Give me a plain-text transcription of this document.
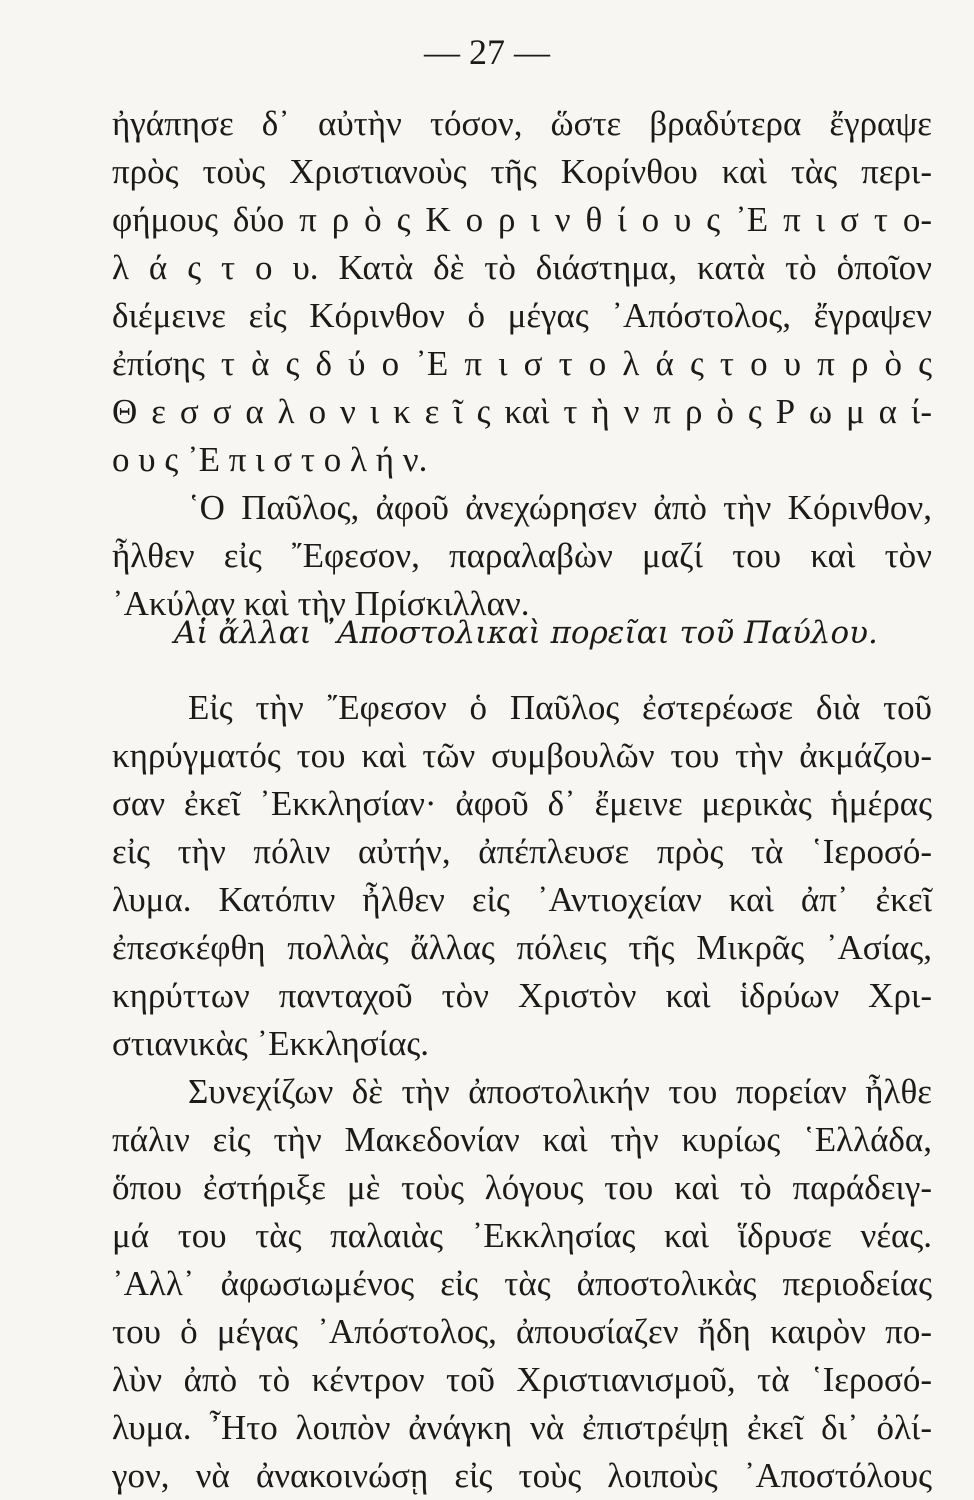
— 27 —
ἠγάπησε δ᾽ αὐτὴν τόσον, ὥστε βραδύτερα ἔγραψε
πρὸς τοὺς Χριστιανοὺς τῆς Κορίνθου καὶ τὰς περι-
φήμους δύο π ρ ὸ ς Κ ο ρ ι ν θ ί ο υ ς ᾽Ε π ι σ τ ο-
λ ά ς τ ο υ. Κατὰ δὲ τὸ διάστημα, κατὰ τὸ ὁποῖον
διέμεινε εἰς Κόρινθον ὁ μέγας ᾽Απόστολος, ἔγραψεν
ἐπίσης τ ὰ ς δ ύ ο ᾽Ε π ι σ τ ο λ ά ς τ ο υ π ρ ὸ ς
Θ ε σ σ α λ ο ν ι κ ε ῖ ς καὶ τ ὴ ν π ρ ὸ ς Ρ ω μ α ί-
ο υ ς ᾽Ε π ι σ τ ο λ ή ν.
῾Ο Παῦλος, ἀφοῦ ἀνεχώρησεν ἀπὸ τὴν Κόρινθον,
ἦλθεν εἰς ῎Εφεσον, παραλαβὼν μαζί του καὶ τὸν
᾽Ακύλαν καὶ τὴν Πρίσκιλλαν.
Αἱ ἄλλαι ᾽Αποστολικαὶ πορεῖαι τοῦ Παύλου.
Εἰς τὴν ῎Εφεσον ὁ Παῦλος ἐστερέωσε διὰ τοῦ
κηρύγματός του καὶ τῶν συμβουλῶν του τὴν ἀκμάζου-
σαν ἐκεῖ ᾽Εκκλησίαν· ἀφοῦ δ᾽ ἔμεινε μερικὰς ἡμέρας
εἰς τὴν πόλιν αὐτήν, ἀπέπλευσε πρὸς τὰ ῾Ιεροσό-
λυμα. Κατόπιν ἦλθεν εἰς ᾽Αντιοχείαν καὶ ἀπ᾽ ἐκεῖ
ἐπεσκέφθη πολλὰς ἄλλας πόλεις τῆς Μικρᾶς ᾽Ασίας,
κηρύττων πανταχοῦ τὸν Χριστὸν καὶ ἱδρύων Χρι-
στιανικὰς ᾽Εκκλησίας.
Συνεχίζων δὲ τὴν ἀποστολικήν του πορείαν ἦλθε
πάλιν εἰς τὴν Μακεδονίαν καὶ τὴν κυρίως ῾Ελλάδα,
ὅπου ἐστήριξε μὲ τοὺς λόγους του καὶ τὸ παράδειγ-
μά του τὰς παλαιὰς ᾽Εκκλησίας καὶ ἵδρυσε νέας.
᾽Αλλ᾽ ἀφωσιωμένος εἰς τὰς ἀποστολικὰς περιοδείας
του ὁ μέγας ᾽Απόστολος, ἀπουσίαζεν ἤδη καιρὸν πο-
λὺν ἀπὸ τὸ κέντρον τοῦ Χριστιανισμοῦ, τὰ ῾Ιεροσό-
λυμα. ῏Ητο λοιπὸν ἀνάγκη νὰ ἐπιστρέψῃ ἐκεῖ δι᾽ ὀλί-
γον, νὰ ἀνακοινώσῃ εἰς τοὺς λοιποὺς ᾽Αποστόλους
